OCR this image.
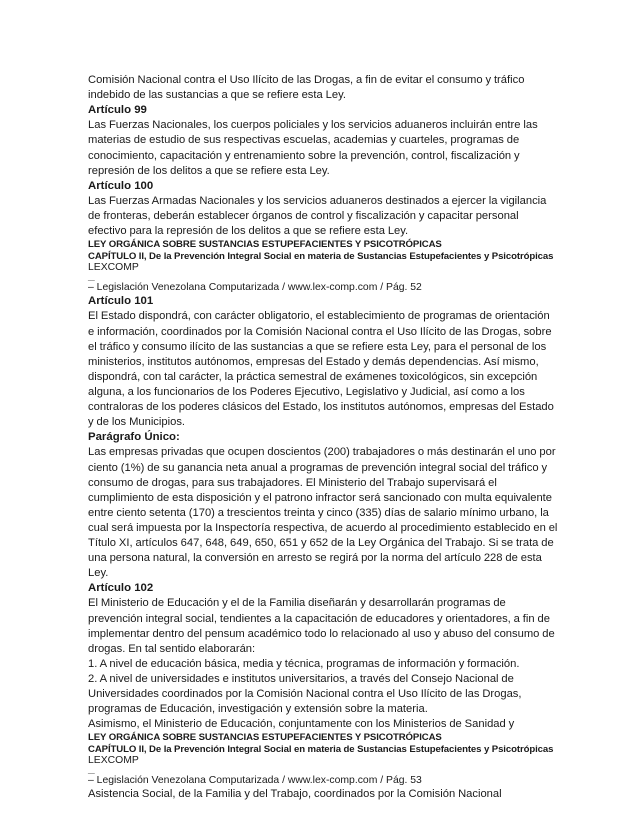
Comisión Nacional contra el Uso Ilícito de las Drogas, a fin de evitar el consumo y tráfico indebido de las sustancias a que se refiere esta Ley.

Artículo 99

Las Fuerzas Nacionales, los cuerpos policiales y los servicios aduaneros incluirán entre las materias de estudio de sus respectivas escuelas, academias y cuarteles, programas de conocimiento, capacitación y entrenamiento sobre la prevención, control, fiscalización y represión de los delitos a que se refiere esta Ley.

Artículo 100

Las Fuerzas Armadas Nacionales y los servicios aduaneros destinados a ejercer la vigilancia de fronteras, deberán establecer órganos de control y fiscalización y capacitar personal efectivo para la represión de los delitos a que se refiere esta Ley.

LEY ORGÁNICA SOBRE SUSTANCIAS ESTUPEFACIENTES Y PSICOTRÓPICAS

CAPÍTULO II, De la Prevención Integral Social en materia de Sustancias Estupefacientes y Psicotrópicas

LEXCOMP

__

– Legislación Venezolana Computarizada / www.lex-comp.com / Pág. 52

Artículo 101

El Estado dispondrá, con carácter obligatorio, el establecimiento de programas de orientación e información, coordinados por la Comisión Nacional contra el Uso Ilícito de las Drogas, sobre el tráfico y consumo ilícito de las sustancias a que se refiere esta Ley, para el personal de los ministerios, institutos autónomos, empresas del Estado y demás dependencias. Así mismo, dispondrá, con tal carácter, la práctica semestral de exámenes toxicológicos, sin excepción alguna, a los funcionarios de los Poderes Ejecutivo, Legislativo y Judicial, así como a los contraloras de los poderes clásicos del Estado, los institutos autónomos, empresas del Estado y de los Municipios.

Parágrafo Único:

Las empresas privadas que ocupen doscientos (200) trabajadores o más destinarán el uno por ciento (1%) de su ganancia neta anual a programas de prevención integral social del tráfico y consumo de drogas, para sus trabajadores. El Ministerio del Trabajo supervisará el cumplimiento de esta disposición y el patrono infractor será sancionado con multa equivalente entre ciento setenta (170) a trescientos treinta y cinco (335) días de salario mínimo urbano, la cual será impuesta por la Inspectoría respectiva, de acuerdo al procedimiento establecido en el Título XI, artículos 647, 648, 649, 650, 651 y 652 de la Ley Orgánica del Trabajo. Si se trata de una persona natural, la conversión en arresto se regirá por la norma del artículo 228 de esta Ley.

Artículo 102

El Ministerio de Educación y el de la Familia diseñarán y desarrollarán programas de prevención integral social, tendientes a la capacitación de educadores y orientadores, a fin de implementar dentro del pensum académico todo lo relacionado al uso y abuso del consumo de drogas. En tal sentido elaborarán:

1. A nivel de educación básica, media y técnica, programas de información y formación.

2. A nivel de universidades e institutos universitarios, a través del Consejo Nacional de Universidades coordinados por la Comisión Nacional contra el Uso Ilícito de las Drogas, programas de Educación, investigación y extensión sobre la materia.

Asimismo, el Ministerio de Educación, conjuntamente con los Ministerios de Sanidad y

LEY ORGÁNICA SOBRE SUSTANCIAS ESTUPEFACIENTES Y PSICOTRÓPICAS

CAPÍTULO II, De la Prevención Integral Social en materia de Sustancias Estupefacientes y Psicotrópicas

LEXCOMP

__

– Legislación Venezolana Computarizada / www.lex-comp.com / Pág. 53

Asistencia Social, de la Familia y del Trabajo, coordinados por la Comisión Nacional
